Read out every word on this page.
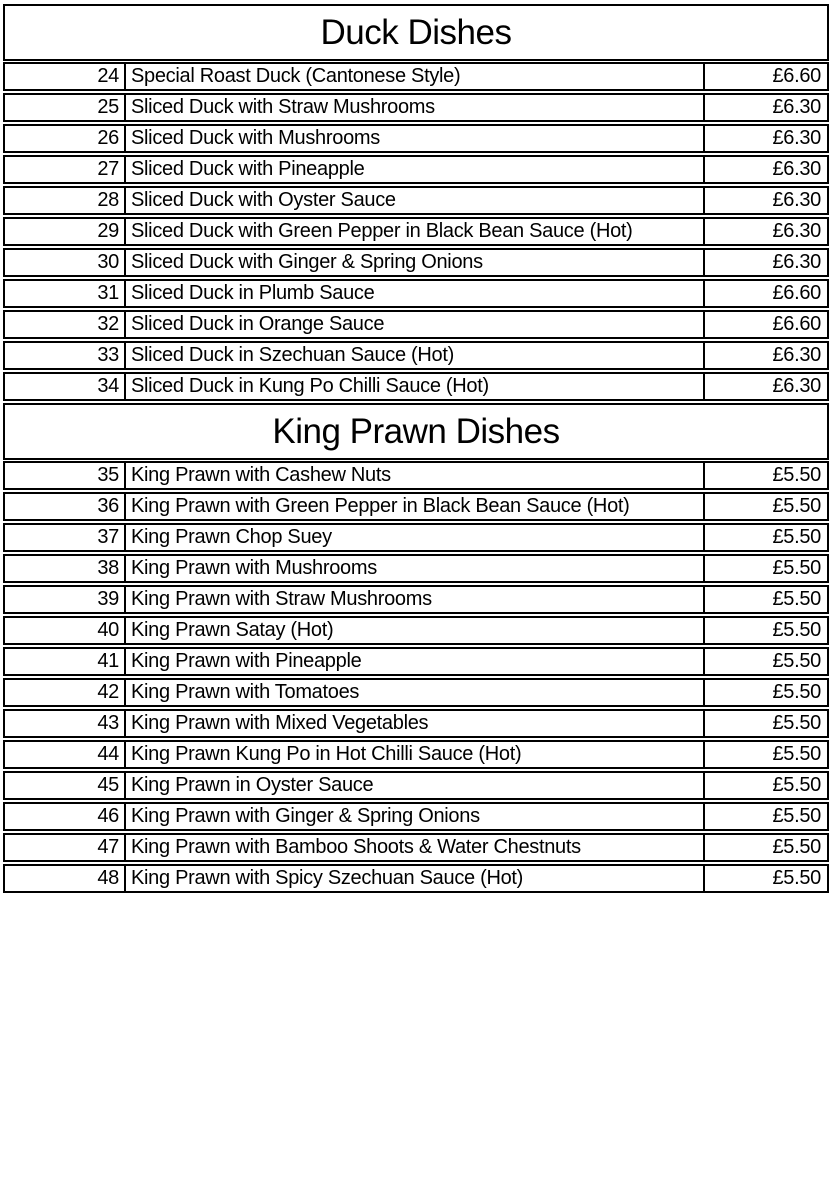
Duck Dishes
24 Special Roast Duck (Cantonese Style)	£6.60
25 Sliced Duck with Straw Mushrooms	£6.30
26 Sliced Duck with Mushrooms	£6.30
27 Sliced Duck with Pineapple	£6.30
28 Sliced Duck with Oyster Sauce	£6.30
29 Sliced Duck with Green Pepper in Black Bean Sauce (Hot)	£6.30
30 Sliced Duck with Ginger & Spring Onions	£6.30
31 Sliced Duck in Plumb Sauce	£6.60
32 Sliced Duck in Orange Sauce	£6.60
33 Sliced Duck in Szechuan Sauce (Hot)	£6.30
34 Sliced Duck in Kung Po Chilli Sauce (Hot)	£6.30
King Prawn Dishes
35 King Prawn with Cashew Nuts	£5.50
36 King Prawn with Green Pepper in Black Bean Sauce (Hot)	£5.50
37 King Prawn Chop Suey	£5.50
38 King Prawn with Mushrooms	£5.50
39 King Prawn with Straw Mushrooms	£5.50
40 King Prawn Satay (Hot)	£5.50
41 King Prawn with Pineapple	£5.50
42 King Prawn with Tomatoes	£5.50
43 King Prawn with Mixed Vegetables	£5.50
44 King Prawn Kung Po in Hot Chilli Sauce (Hot)	£5.50
45 King Prawn in Oyster Sauce	£5.50
46 King Prawn with Ginger & Spring Onions	£5.50
47 King Prawn with Bamboo Shoots & Water Chestnuts	£5.50
48 King Prawn with Spicy Szechuan Sauce (Hot)	£5.50
